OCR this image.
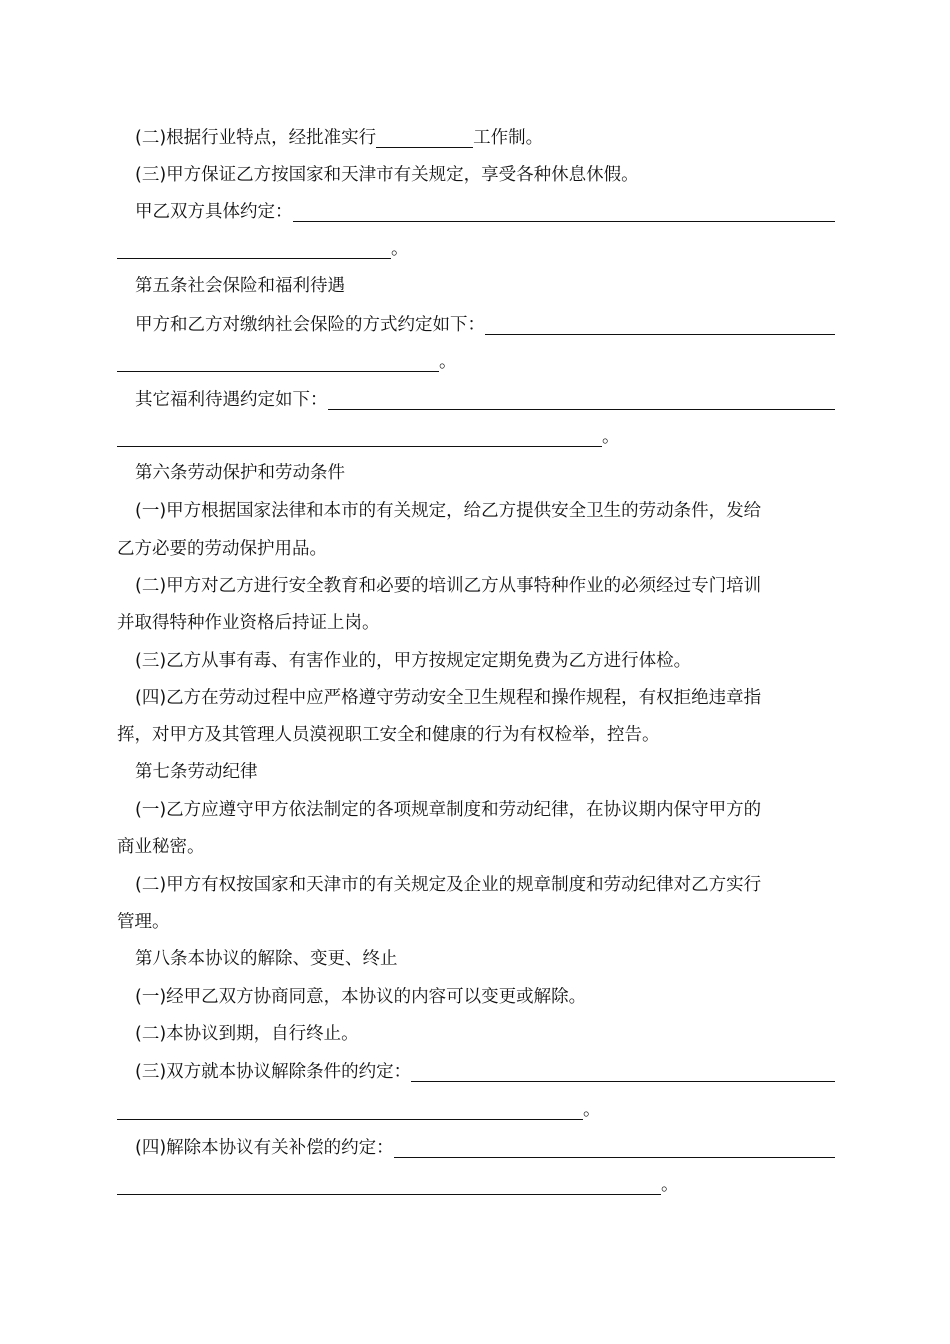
(二)根据行业特点，经批准实行	工作制。
(三)甲方保证乙方按国家和天津市有关规定，享受各种休息休假。
甲乙双方具体约定：
。
第五条社会保险和福利待遇
甲方和乙方对缴纳社会保险的方式约定如下：
。
其它福利待遇约定如下：
。
第六条劳动保护和劳动条件
(一)甲方根据国家法律和本市的有关规定，给乙方提供安全卫生的劳动条件，发给
乙方必要的劳动保护用品。
(二)甲方对乙方进行安全教育和必要的培训乙方从事特种作业的必须经过专门培训
并取得特种作业资格后持证上岗。
(三)乙方从事有毒、有害作业的，甲方按规定定期免费为乙方进行体检。
(四)乙方在劳动过程中应严格遵守劳动安全卫生规程和操作规程，有权拒绝违章指
挥，对甲方及其管理人员漠视职工安全和健康的行为有权检举，控告。
第七条劳动纪律
(一)乙方应遵守甲方依法制定的各项规章制度和劳动纪律，在协议期内保守甲方的
商业秘密。
(二)甲方有权按国家和天津市的有关规定及企业的规章制度和劳动纪律对乙方实行
管理。
第八条本协议的解除、变更、终止
(一)经甲乙双方协商同意，本协议的内容可以变更或解除。
(二)本协议到期，自行终止。
(三)双方就本协议解除条件的约定：
。
(四)解除本协议有关补偿的约定：
。
